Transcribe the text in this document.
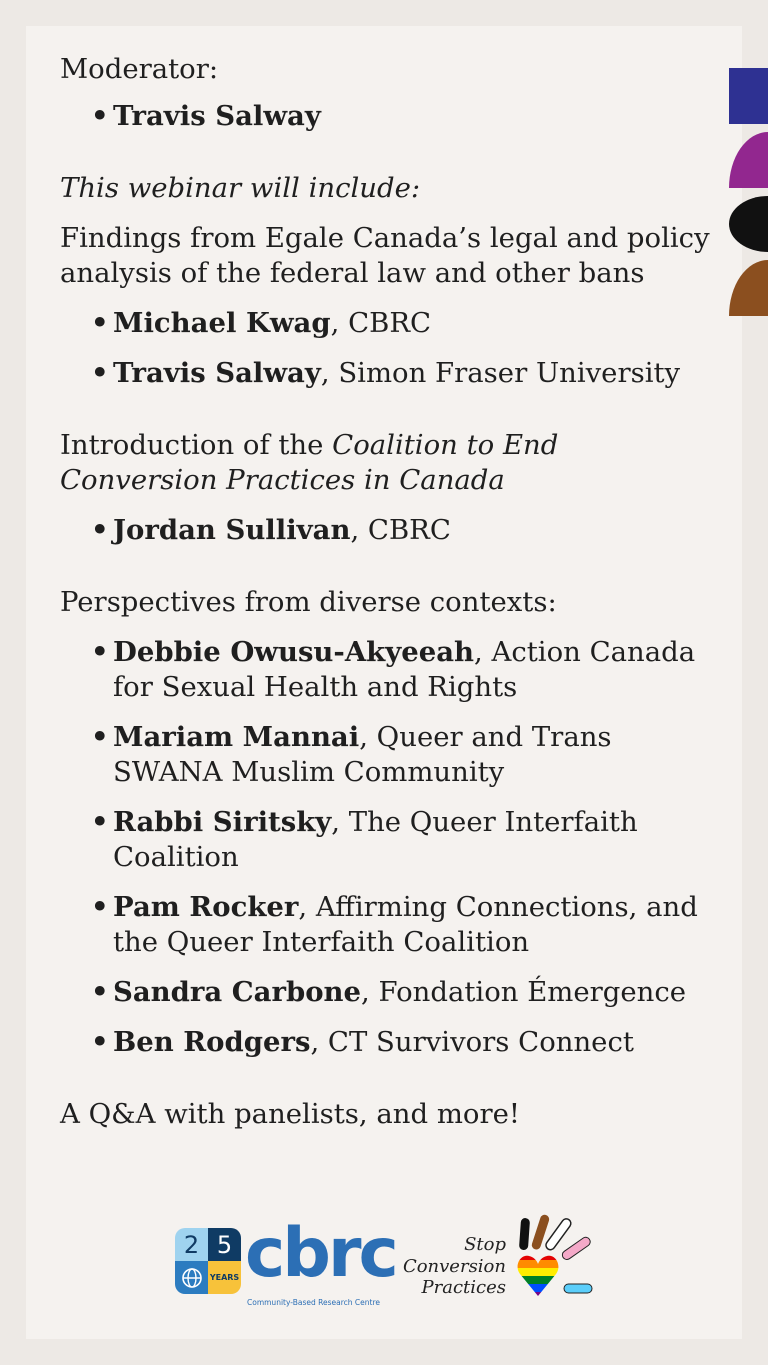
Moderator:

• Travis Salway

This webinar will include:

Findings from Egale Canada’s legal and policy analysis of the federal law and other bans

• Michael Kwag, CBRC
• Travis Salway, Simon Fraser University

Introduction of the Coalition to End Conversion Practices in Canada

• Jordan Sullivan, CBRC

Perspectives from diverse contexts:

• Debbie Owusu-Akyeeah, Action Canada for Sexual Health and Rights
• Mariam Mannai, Queer and Trans SWANA Muslim Community
• Rabbi Siritsky, The Queer Interfaith Coalition
• Pam Rocker, Affirming Connections, and the Queer Interfaith Coalition
• Sandra Carbone, Fondation Émergence
• Ben Rodgers, CT Survivors Connect

A Q&A with panelists, and more!

2 5
YEARS cbrc
Community-Based Research Centre
Stop
Conversion
Practices
